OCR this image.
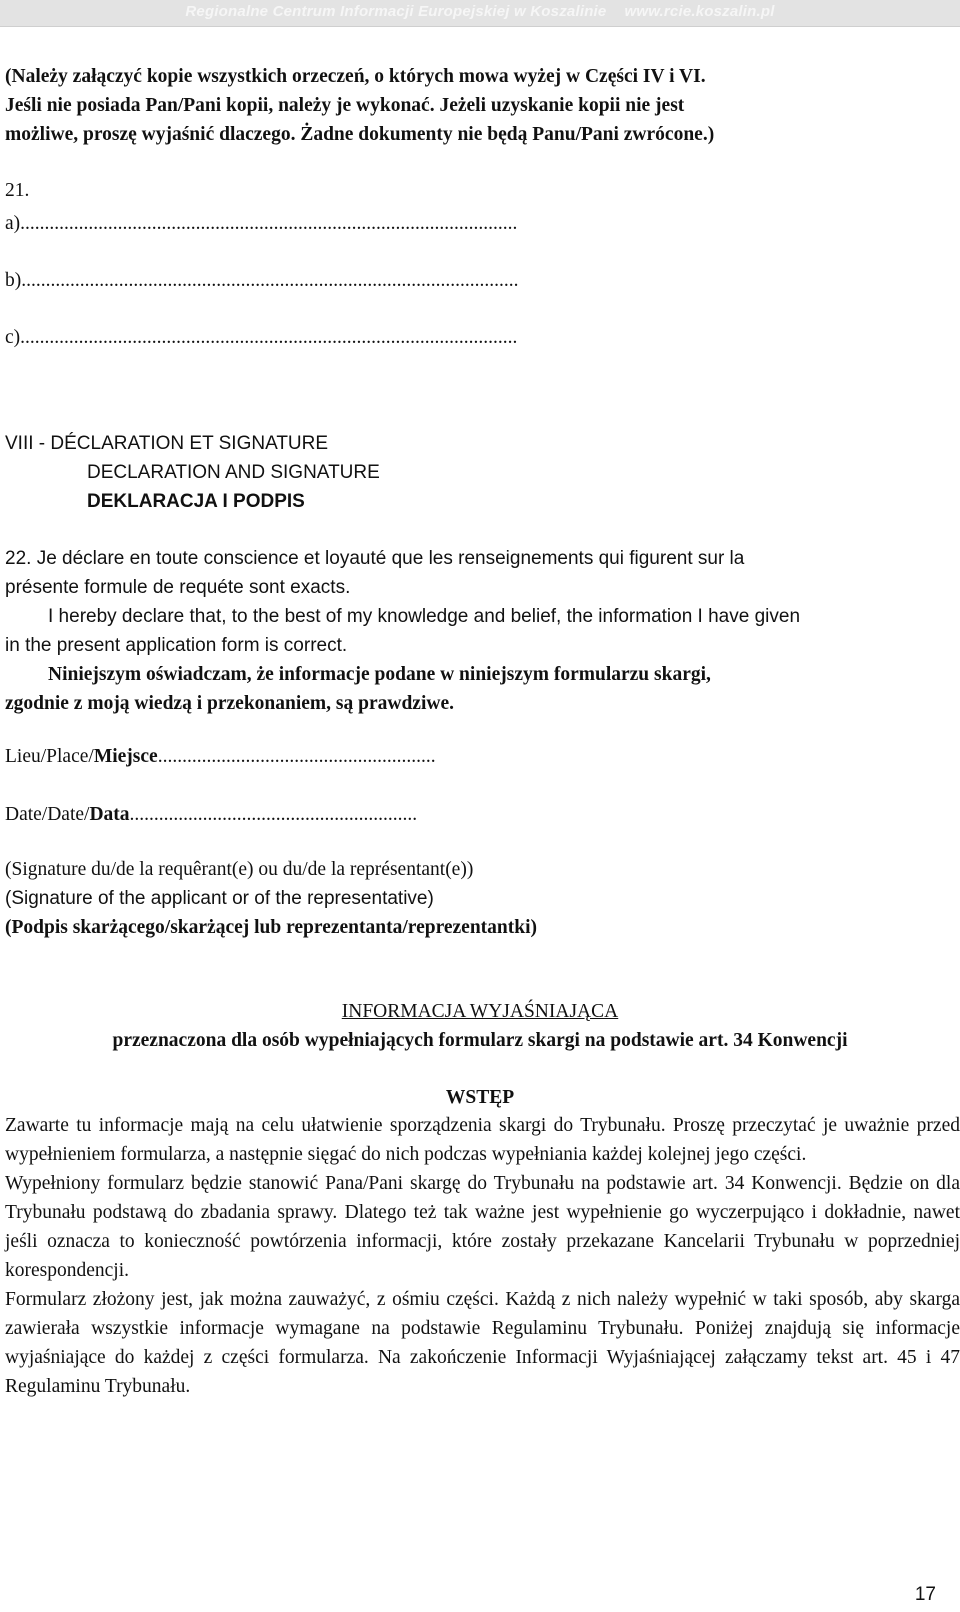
Regionalne Centrum Informacji Europejskiej w Koszalinie www.rcie.koszalin.pl

(Należy załączyć kopie wszystkich orzeczeń, o których mowa wyżej w Części IV i VI.

Jeśli nie posiada Pan/Pani kopii, należy je wykonać. Jeżeli uzyskanie kopii nie jest

możliwe, proszę wyjaśnić dlaczego. Żadne dokumenty nie będą Panu/Pani zwrócone.)

21.

a)......................................................................................................

b)......................................................................................................

c)......................................................................................................

VIII - DÉCLARATION ET SIGNATURE

DECLARATION AND SIGNATURE

DEKLARACJA I PODPIS

22. Je déclare en toute conscience et loyauté que les renseignements qui figurent sur la

présente formule de requéte sont exacts.

I hereby declare that, to the best of my knowledge and belief, the information I have given

in the present application form is correct.

Niniejszym oświadczam, że informacje podane w niniejszym formularzu skargi,

zgodnie z moją wiedzą i przekonaniem, są prawdziwe.

Lieu/Place/Miejsce.........................................................
Date/Date/Data...........................................................

(Signature du/de la requêrant(e) ou du/de la représentant(e))

(Signature of the applicant or of the representative)

(Podpis skarżącego/skarżącej lub reprezentanta/reprezentantki)

INFORMACJA WYJAŚNIAJĄCA

przeznaczona dla osób wypełniających formularz skargi na podstawie art. 34 Konwencji

WSTĘP

Zawarte tu informacje mają na celu ułatwienie sporządzenia skargi do Trybunału. Proszę przeczytać je uważnie przed wypełnieniem formularza, a następnie sięgać do nich podczas wypełniania każdej kolejnej jego części.

Wypełniony formularz będzie stanowić Pana/Pani skargę do Trybunału na podstawie art. 34 Konwencji. Będzie on dla Trybunału podstawą do zbadania sprawy. Dlatego też tak ważne jest wypełnienie go wyczerpująco i dokładnie, nawet jeśli oznacza to konieczność powtórzenia informacji, które zostały przekazane Kancelarii Trybunału w poprzedniej korespondencji.

Formularz złożony jest, jak można zauważyć, z ośmiu części. Każdą z nich należy wypełnić w taki sposób, aby skarga zawierała wszystkie informacje wymagane na podstawie Regulaminu Trybunału. Poniżej znajdują się informacje wyjaśniające do każdej z części formularza. Na zakończenie Informacji Wyjaśniającej załączamy tekst art. 45 i 47 Regulaminu Trybunału.

17
